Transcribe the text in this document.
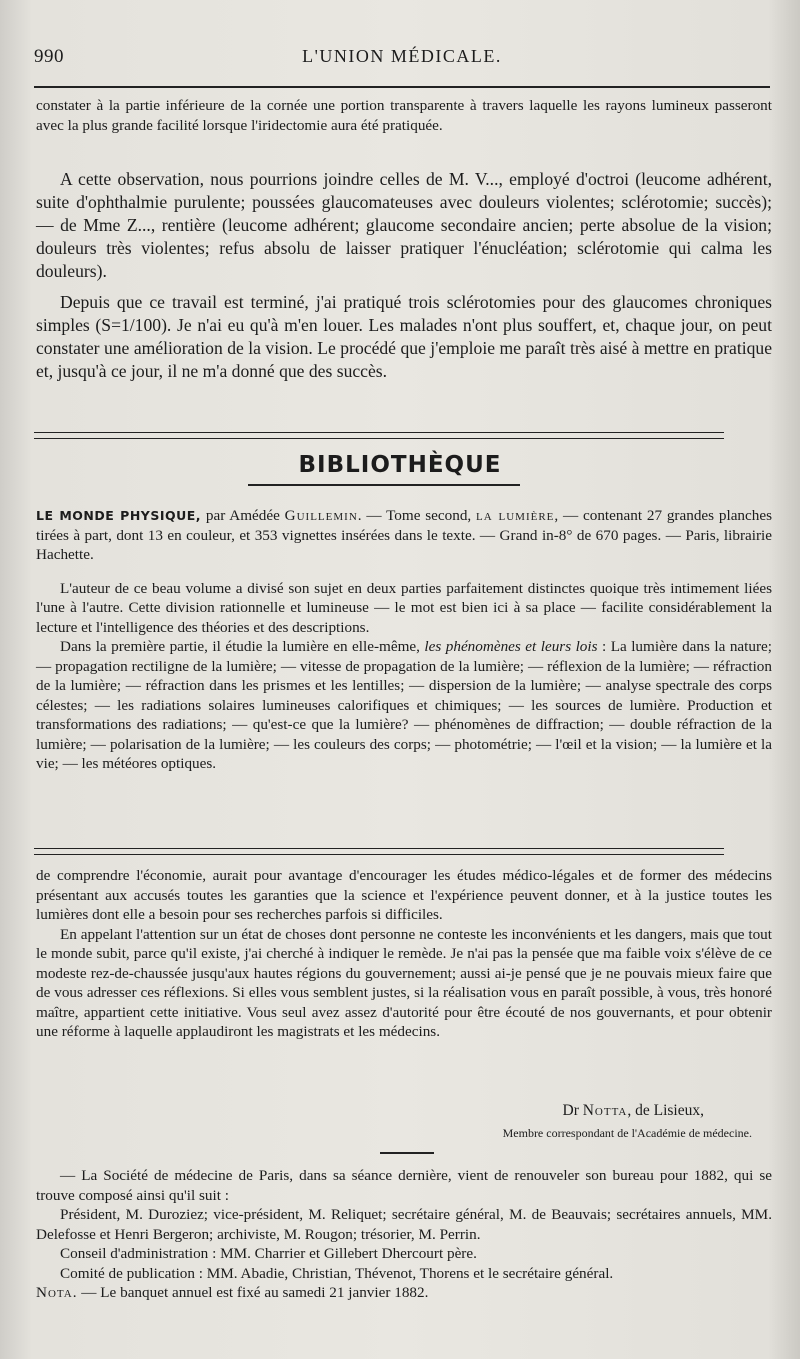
990	L'UNION MÉDICALE.

constater à la partie inférieure de la cornée une portion transparente à travers laquelle les rayons lumineux passeront avec la plus grande facilité lorsque l'iridectomie aura été pratiquée.

A cette observation, nous pourrions joindre celles de M. V..., employé d'octroi (leucome adhérent, suite d'ophthalmie purulente; poussées glaucomateuses avec douleurs violentes; sclérotomie; succès); — de Mme Z..., rentière (leucome adhérent; glaucome secondaire ancien; perte absolue de la vision; douleurs très violentes; refus absolu de laisser pratiquer l'énucléation; sclérotomie qui calma les douleurs).

Depuis que ce travail est terminé, j'ai pratiqué trois sclérotomies pour des glaucomes chroniques simples (S=1/100). Je n'ai eu qu'à m'en louer. Les malades n'ont plus souffert, et, chaque jour, on peut constater une amélioration de la vision. Le procédé que j'emploie me paraît très aisé à mettre en pratique et, jusqu'à ce jour, il ne m'a donné que des succès.

BIBLIOTHÈQUE

LE MONDE PHYSIQUE, par Amédée Guillemin. — Tome second, la lumière, — contenant 27 grandes planches tirées à part, dont 13 en couleur, et 353 vignettes insérées dans le texte. — Grand in-8° de 670 pages. — Paris, librairie Hachette.

L'auteur de ce beau volume a divisé son sujet en deux parties parfaitement distinctes quoique très intimement liées l'une à l'autre. Cette division rationnelle et lumineuse — le mot est bien ici à sa place — facilite considérablement la lecture et l'intelligence des théories et des descriptions.

Dans la première partie, il étudie la lumière en elle-même, les phénomènes et leurs lois : La lumière dans la nature; — propagation rectiligne de la lumière; — vitesse de propagation de la lumière; — réflexion de la lumière; — réfraction de la lumière; — réfraction dans les prismes et les lentilles; — dispersion de la lumière; — analyse spectrale des corps célestes; — les radiations solaires lumineuses calorifiques et chimiques; — les sources de lumière. Production et transformations des radiations; — qu'est-ce que la lumière? — phénomènes de diffraction; — double réfraction de la lumière; — polarisation de la lumière; — les couleurs des corps; — photométrie; — l'œil et la vision; — la lumière et la vie; — les météores optiques.

de comprendre l'économie, aurait pour avantage d'encourager les études médico-légales et de former des médecins présentant aux accusés toutes les garanties que la science et l'expérience peuvent donner, et à la justice toutes les lumières dont elle a besoin pour ses recherches parfois si difficiles.

En appelant l'attention sur un état de choses dont personne ne conteste les inconvénients et les dangers, mais que tout le monde subit, parce qu'il existe, j'ai cherché à indiquer le remède. Je n'ai pas la pensée que ma faible voix s'élève de ce modeste rez-de-chaussée jusqu'aux hautes régions du gouvernement; aussi ai-je pensé que je ne pouvais mieux faire que de vous adresser ces réflexions. Si elles vous semblent justes, si la réalisation vous en paraît possible, à vous, très honoré maître, appartient cette initiative. Vous seul avez assez d'autorité pour être écouté de nos gouvernants, et pour obtenir une réforme à laquelle applaudiront les magistrats et les médecins.

Dr Notta, de Lisieux,
Membre correspondant de l'Académie de médecine.

— La Société de médecine de Paris, dans sa séance dernière, vient de renouveler son bureau pour 1882, qui se trouve composé ainsi qu'il suit :

Président, M. Duroziez; vice-président, M. Reliquet; secrétaire général, M. de Beauvais; secrétaires annuels, MM. Delefosse et Henri Bergeron; archiviste, M. Rougon; trésorier, M. Perrin.

Conseil d'administration : MM. Charrier et Gillebert Dhercourt père.

Comité de publication : MM. Abadie, Christian, Thévenot, Thorens et le secrétaire général.

Nota. — Le banquet annuel est fixé au samedi 21 janvier 1882.
